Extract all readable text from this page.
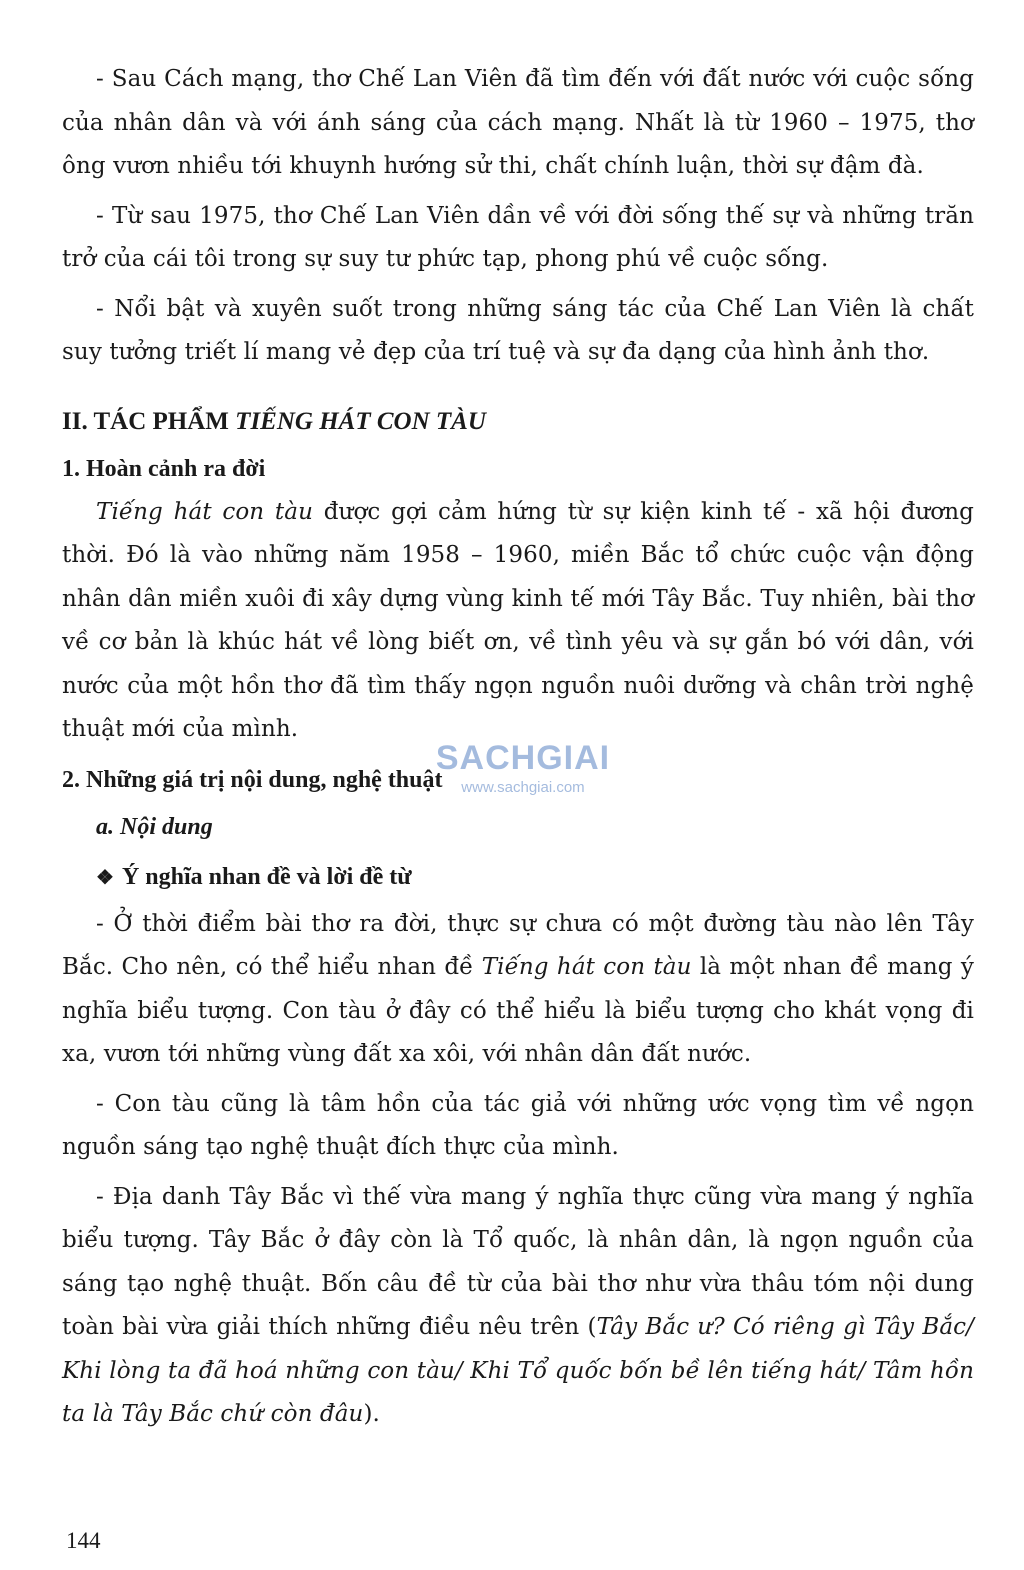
- Sau Cách mạng, thơ Chế Lan Viên đã tìm đến với đất nước với cuộc sống của nhân dân và với ánh sáng của cách mạng. Nhất là từ 1960 – 1975, thơ ông vươn nhiều tới khuynh hướng sử thi, chất chính luận, thời sự đậm đà.

- Từ sau 1975, thơ Chế Lan Viên dần về với đời sống thế sự và những trăn trở của cái tôi trong sự suy tư phức tạp, phong phú về cuộc sống.

- Nổi bật và xuyên suốt trong những sáng tác của Chế Lan Viên là chất suy tưởng triết lí mang vẻ đẹp của trí tuệ và sự đa dạng của hình ảnh thơ.

II. TÁC PHẨM TIẾNG HÁT CON TÀU
1. Hoàn cảnh ra đời

Tiếng hát con tàu được gợi cảm hứng từ sự kiện kinh tế - xã hội đương thời. Đó là vào những năm 1958 – 1960, miền Bắc tổ chức cuộc vận động nhân dân miền xuôi đi xây dựng vùng kinh tế mới Tây Bắc. Tuy nhiên, bài thơ về cơ bản là khúc hát về lòng biết ơn, về tình yêu và sự gắn bó với dân, với nước của một hồn thơ đã tìm thấy ngọn nguồn nuôi dưỡng và chân trời nghệ thuật mới của mình.

2. Những giá trị nội dung, nghệ thuật
a. Nội dung
❖ Ý nghĩa nhan đề và lời đề từ

- Ở thời điểm bài thơ ra đời, thực sự chưa có một đường tàu nào lên Tây Bắc. Cho nên, có thể hiểu nhan đề Tiếng hát con tàu là một nhan đề mang ý nghĩa biểu tượng. Con tàu ở đây có thể hiểu là biểu tượng cho khát vọng đi xa, vươn tới những vùng đất xa xôi, với nhân dân đất nước.

- Con tàu cũng là tâm hồn của tác giả với những ước vọng tìm về ngọn nguồn sáng tạo nghệ thuật đích thực của mình.

- Địa danh Tây Bắc vì thế vừa mang ý nghĩa thực cũng vừa mang ý nghĩa biểu tượng. Tây Bắc ở đây còn là Tổ quốc, là nhân dân, là ngọn nguồn của sáng tạo nghệ thuật. Bốn câu đề từ của bài thơ như vừa thâu tóm nội dung toàn bài vừa giải thích những điều nêu trên (Tây Bắc ư? Có riêng gì Tây Bắc/ Khi lòng ta đã hoá những con tàu/ Khi Tổ quốc bốn bề lên tiếng hát/ Tâm hồn ta là Tây Bắc chứ còn đâu).

SACHGIAI
www.sachgiai.com
144
